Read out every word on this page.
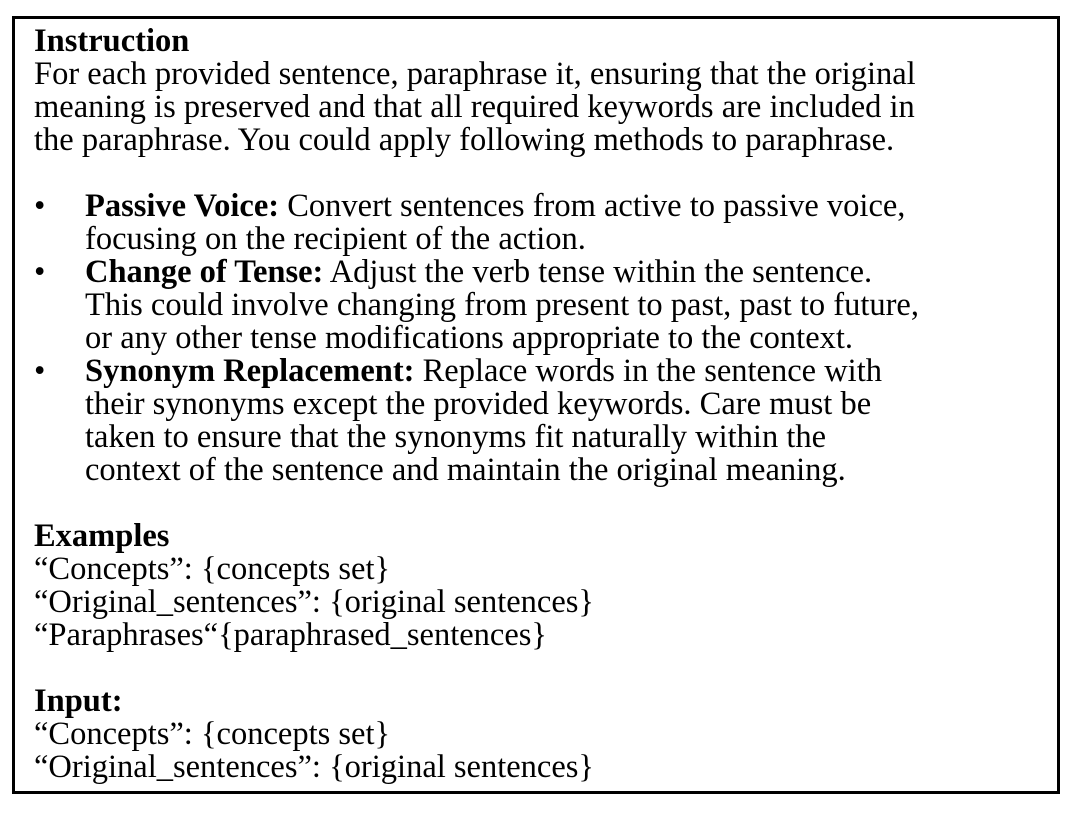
Instruction

For each provided sentence, paraphrase it, ensuring that the original

meaning is preserved and that all required keywords are included in

the paraphrase. You could apply following methods to paraphrase.

• Passive Voice: Convert sentences from active to passive voice,
focusing on the recipient of the action.
• Change of Tense: Adjust the verb tense within the sentence.
This could involve changing from present to past, past to future,
or any other tense modifications appropriate to the context.
• Synonym Replacement: Replace words in the sentence with
their synonyms except the provided keywords. Care must be
taken to ensure that the synonyms fit naturally within the
context of the sentence and maintain the original meaning.
Examples

“Concepts”: {concepts set}

“Original_sentences”: {original sentences}

“Paraphrases“{paraphrased_sentences}

Input:

“Concepts”: {concepts set}

“Original_sentences”: {original sentences}
